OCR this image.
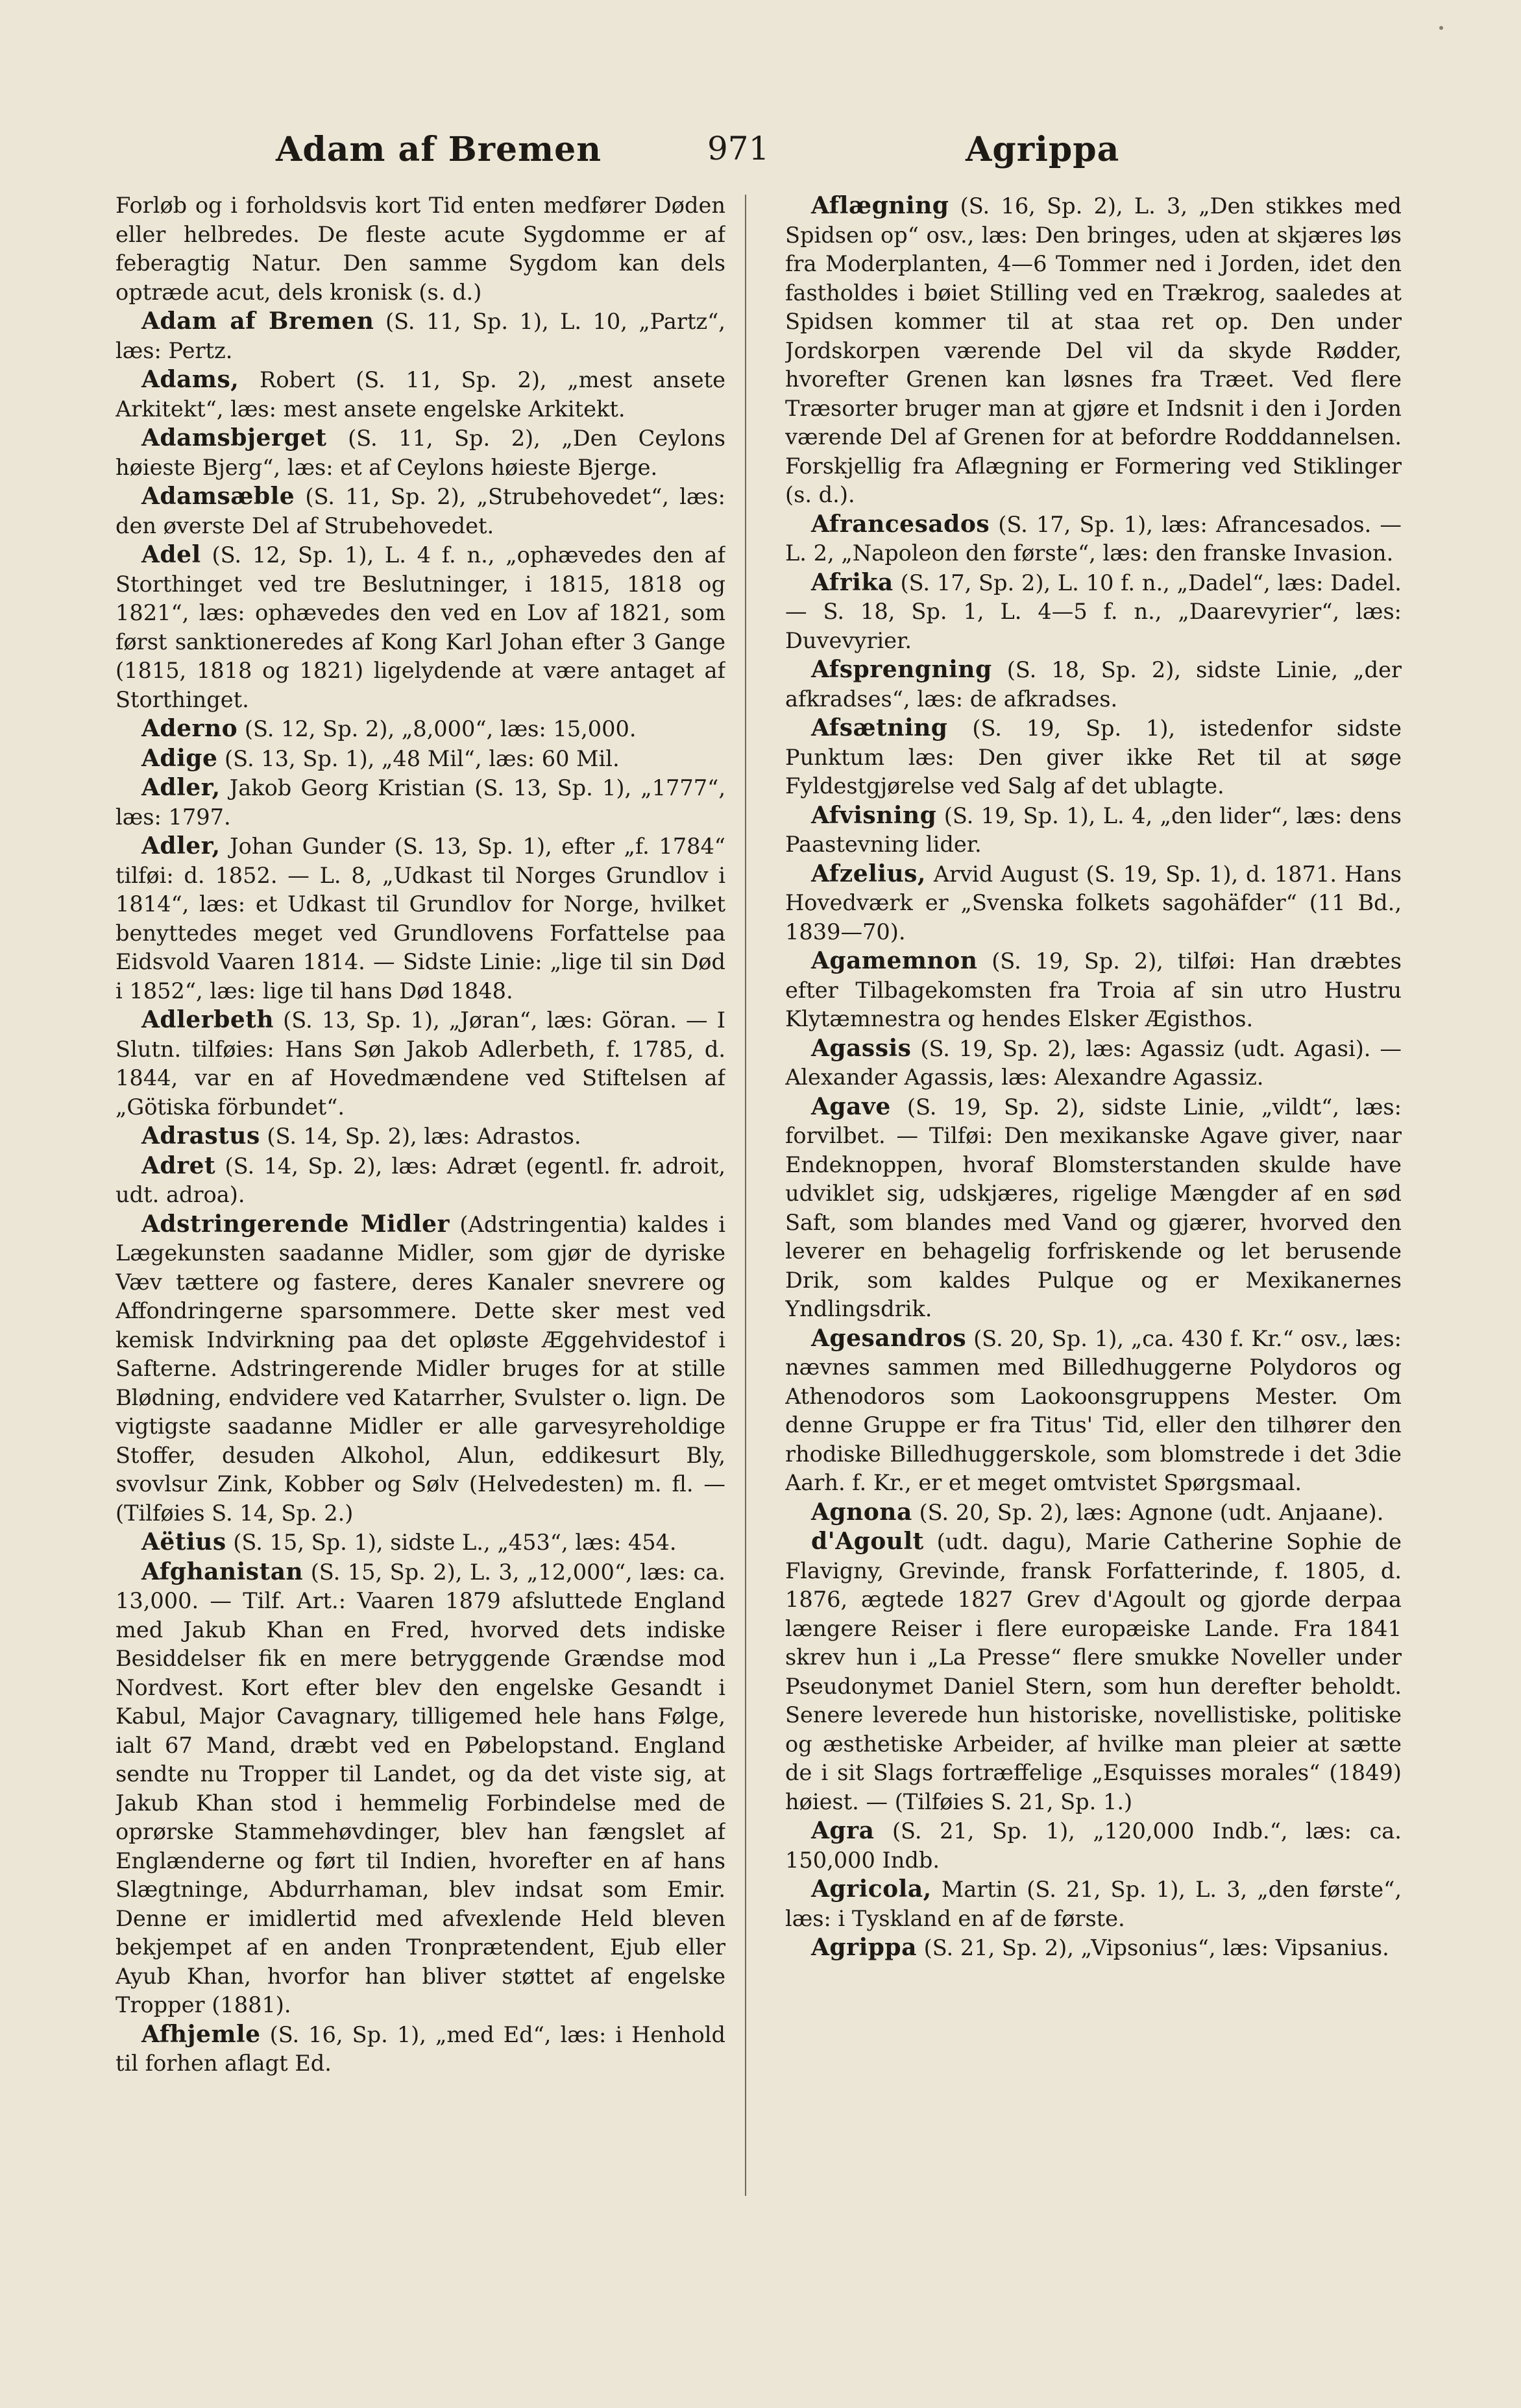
Adam af Bremen	971	Agrippa

Forløb og i forholdsvis kort Tid enten medfører Døden eller helbredes. De fleste acute Sygdomme er af feberagtig Natur. Den samme Sygdom kan dels optræde acut, dels kronisk (s. d.)

Adam af Bremen (S. 11, Sp. 1), L. 10, „Partz“, læs: Pertz.

Adams, Robert (S. 11, Sp. 2), „mest ansete Arkitekt“, læs: mest ansete engelske Arkitekt.

Adamsbjerget (S. 11, Sp. 2), „Den Ceylons høieste Bjerg“, læs: et af Ceylons høieste Bjerge.

Adamsæble (S. 11, Sp. 2), „Strubehovedet“, læs: den øverste Del af Strubehovedet.

Adel (S. 12, Sp. 1), L. 4 f. n., „ophævedes den af Storthinget ved tre Beslutninger, i 1815, 1818 og 1821“, læs: ophævedes den ved en Lov af 1821, som først sanktioneredes af Kong Karl Johan efter 3 Gange (1815, 1818 og 1821) ligelydende at være antaget af Storthinget.

Aderno (S. 12, Sp. 2), „8,000“, læs: 15,000.

Adige (S. 13, Sp. 1), „48 Mil“, læs: 60 Mil.

Adler, Jakob Georg Kristian (S. 13, Sp. 1), „1777“, læs: 1797.

Adler, Johan Gunder (S. 13, Sp. 1), efter „f. 1784“ tilføi: d. 1852. — L. 8, „Udkast til Norges Grundlov i 1814“, læs: et Udkast til Grundlov for Norge, hvilket benyttedes meget ved Grundlovens Forfattelse paa Eidsvold Vaaren 1814. — Sidste Linie: „lige til sin Død i 1852“, læs: lige til hans Død 1848.

Adlerbeth (S. 13, Sp. 1), „Jøran“, læs: Göran. — I Slutn. tilføies: Hans Søn Jakob Adlerbeth, f. 1785, d. 1844, var en af Hovedmændene ved Stiftelsen af „Götiska förbundet“.

Adrastus (S. 14, Sp. 2), læs: Adrastos.

Adret (S. 14, Sp. 2), læs: Adræt (egentl. fr. adroit, udt. adroa).

Adstringerende Midler (Adstringentia) kaldes i Lægekunsten saadanne Midler, som gjør de dyriske Væv tættere og fastere, deres Kanaler snevrere og Affondringerne sparsommere. Dette sker mest ved kemisk Indvirkning paa det opløste Æggehvidestof i Safterne. Adstringerende Midler bruges for at stille Blødning, endvidere ved Katarrher, Svulster o. lign. De vigtigste saadanne Midler er alle garvesyreholdige Stoffer, desuden Alkohol, Alun, eddikesurt Bly, svovlsur Zink, Kobber og Sølv (Helvedesten) m. fl. — (Tilføies S. 14, Sp. 2.)

Aëtius (S. 15, Sp. 1), sidste L., „453“, læs: 454.

Afghanistan (S. 15, Sp. 2), L. 3, „12,000“, læs: ca. 13,000. — Tilf. Art.: Vaaren 1879 afsluttede England med Jakub Khan en Fred, hvorved dets indiske Besiddelser fik en mere betryggende Grændse mod Nordvest. Kort efter blev den engelske Gesandt i Kabul, Major Cavagnary, tilligemed hele hans Følge, ialt 67 Mand, dræbt ved en Pøbelopstand. England sendte nu Tropper til Landet, og da det viste sig, at Jakub Khan stod i hemmelig Forbindelse med de oprørske Stammehøvdinger, blev han fængslet af Englænderne og ført til Indien, hvorefter en af hans Slægtninge, Abdurrhaman, blev indsat som Emir. Denne er imidlertid med afvexlende Held bleven bekjempet af en anden Tronprætendent, Ejub eller Ayub Khan, hvorfor han bliver støttet af engelske Tropper (1881).

Afhjemle (S. 16, Sp. 1), „med Ed“, læs: i Henhold til forhen aflagt Ed.

Aflægning (S. 16, Sp. 2), L. 3, „Den stikkes med Spidsen op“ osv., læs: Den bringes, uden at skjæres løs fra Moderplanten, 4—6 Tommer ned i Jorden, idet den fastholdes i bøiet Stilling ved en Trækrog, saaledes at Spidsen kommer til at staa ret op. Den under Jordskorpen værende Del vil da skyde Rødder, hvorefter Grenen kan løsnes fra Træet. Ved flere Træsorter bruger man at gjøre et Indsnit i den i Jorden værende Del af Grenen for at befordre Rodddannelsen. Forskjellig fra Aflægning er Formering ved Stiklinger (s. d.).

Afrancesados (S. 17, Sp. 1), læs: Afrancesados. — L. 2, „Napoleon den første“, læs: den franske Invasion.

Afrika (S. 17, Sp. 2), L. 10 f. n., „Dadel“, læs: Dadel. — S. 18, Sp. 1, L. 4—5 f. n., „Daarevyrier“, læs: Duvevyrier.

Afsprengning (S. 18, Sp. 2), sidste Linie, „der afkradses“, læs: de afkradses.

Afsætning (S. 19, Sp. 1), istedenfor sidste Punktum læs: Den giver ikke Ret til at søge Fyldestgjørelse ved Salg af det ublagte.

Afvisning (S. 19, Sp. 1), L. 4, „den lider“, læs: dens Paastevning lider.

Afzelius, Arvid August (S. 19, Sp. 1), d. 1871. Hans Hovedværk er „Svenska folkets sagohäfder“ (11 Bd., 1839—70).

Agamemnon (S. 19, Sp. 2), tilføi: Han dræbtes efter Tilbagekomsten fra Troia af sin utro Hustru Klytæmnestra og hendes Elsker Ægisthos.

Agassis (S. 19, Sp. 2), læs: Agassiz (udt. Agasi). — Alexander Agassis, læs: Alexandre Agassiz.

Agave (S. 19, Sp. 2), sidste Linie, „vildt“, læs: forvilbet. — Tilføi: Den mexikanske Agave giver, naar Endeknoppen, hvoraf Blomsterstanden skulde have udviklet sig, udskjæres, rigelige Mængder af en sød Saft, som blandes med Vand og gjærer, hvorved den leverer en behagelig forfriskende og let berusende Drik, som kaldes Pulque og er Mexikanernes Yndlingsdrik.

Agesandros (S. 20, Sp. 1), „ca. 430 f. Kr.“ osv., læs: nævnes sammen med Billedhuggerne Polydoros og Athenodoros som Laokoonsgruppens Mester. Om denne Gruppe er fra Titus' Tid, eller den tilhører den rhodiske Billedhuggerskole, som blomstrede i det 3die Aarh. f. Kr., er et meget omtvistet Spørgsmaal.

Agnona (S. 20, Sp. 2), læs: Agnone (udt. Anjaane).

d'Agoult (udt. dagu), Marie Catherine Sophie de Flavigny, Grevinde, fransk Forfatterinde, f. 1805, d. 1876, ægtede 1827 Grev d'Agoult og gjorde derpaa længere Reiser i flere europæiske Lande. Fra 1841 skrev hun i „La Presse“ flere smukke Noveller under Pseudonymet Daniel Stern, som hun derefter beholdt. Senere leverede hun historiske, novellistiske, politiske og æsthetiske Arbeider, af hvilke man pleier at sætte de i sit Slags fortræffelige „Esquisses morales“ (1849) høiest. — (Tilføies S. 21, Sp. 1.)

Agra (S. 21, Sp. 1), „120,000 Indb.“, læs: ca. 150,000 Indb.

Agricola, Martin (S. 21, Sp. 1), L. 3, „den første“, læs: i Tyskland en af de første.

Agrippa (S. 21, Sp. 2), „Vipsonius“, læs: Vipsanius.
